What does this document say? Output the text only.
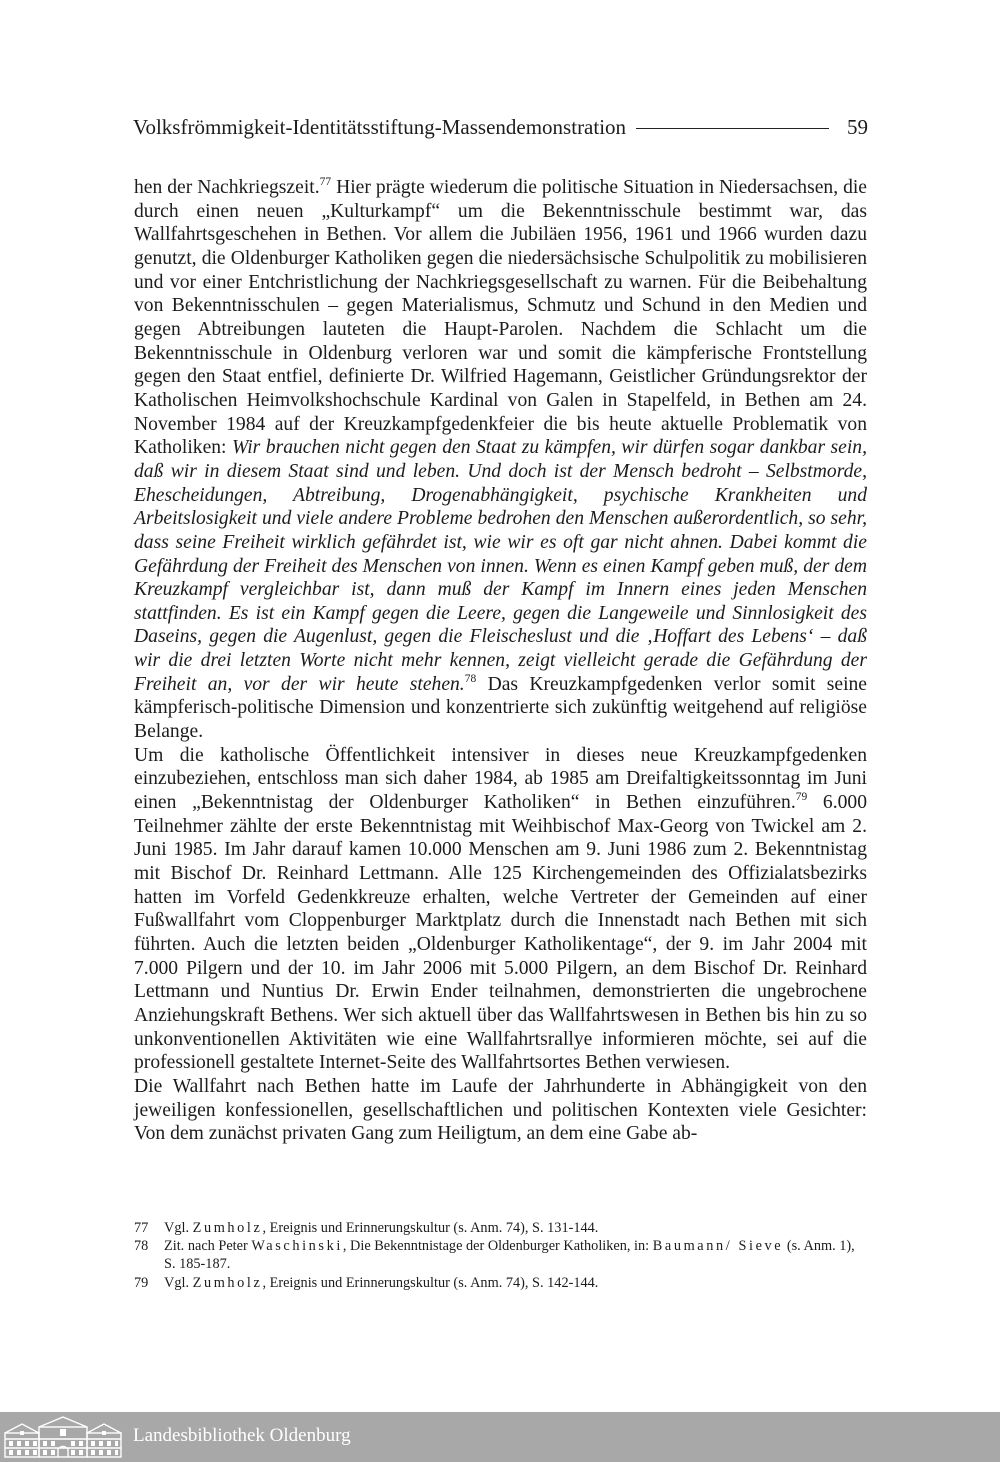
Volksfrömmigkeit-Identitätsstiftung-Massendemonstration	59

hen der Nachkriegszeit.$^{77}$ Hier prägte wiederum die politische Situation in Niedersachsen, die durch einen neuen „Kulturkampf“ um die Bekenntnisschule bestimmt war, das Wallfahrtsgeschehen in Bethen. Vor allem die Jubiläen 1956, 1961 und 1966 wurden dazu genutzt, die Oldenburger Katholiken gegen die niedersächsische Schulpolitik zu mobilisieren und vor einer Entchristlichung der Nachkriegsgesellschaft zu warnen. Für die Beibehaltung von Bekenntnisschulen – gegen Materialismus, Schmutz und Schund in den Medien und gegen Abtreibungen lauteten die Haupt-Parolen. Nachdem die Schlacht um die Bekenntnisschule in Oldenburg verloren war und somit die kämpferische Frontstellung gegen den Staat entfiel, definierte Dr. Wilfried Hagemann, Geistlicher Gründungsrektor der Katholischen Heimvolkshochschule Kardinal von Galen in Stapelfeld, in Bethen am 24. November 1984 auf der Kreuzkampfgedenkfeier die bis heute aktuelle Problematik von Katholiken: Wir brauchen nicht gegen den Staat zu kämpfen, wir dürfen sogar dankbar sein, daß wir in diesem Staat sind und leben. Und doch ist der Mensch bedroht – Selbstmorde, Ehescheidungen, Abtreibung, Drogenabhängigkeit, psychische Krankheiten und Arbeitslosigkeit und viele andere Probleme bedrohen den Menschen außerordentlich, so sehr, dass seine Freiheit wirklich gefährdet ist, wie wir es oft gar nicht ahnen. Dabei kommt die Gefährdung der Freiheit des Menschen von innen. Wenn es einen Kampf geben muß, der dem Kreuzkampf vergleichbar ist, dann muß der Kampf im Innern eines jeden Menschen stattfinden. Es ist ein Kampf gegen die Leere, gegen die Langeweile und Sinnlosigkeit des Daseins, gegen die Augenlust, gegen die Fleischeslust und die ‚Hoffart des Lebens‘ – daß wir die drei letzten Worte nicht mehr kennen, zeigt vielleicht gerade die Gefährdung der Freiheit an, vor der wir heute stehen.$^{78}$ Das Kreuzkampfgedenken verlor somit seine kämpferisch-politische Dimension und konzentrierte sich zukünftig weitgehend auf religiöse Belange.

Um die katholische Öffentlichkeit intensiver in dieses neue Kreuzkampfgedenken einzubeziehen, entschloss man sich daher 1984, ab 1985 am Dreifaltigkeitssonntag im Juni einen „Bekenntnistag der Oldenburger Katholiken“ in Bethen einzuführen.$^{79}$ 6.000 Teilnehmer zählte der erste Bekenntnistag mit Weihbischof Max-Georg von Twickel am 2. Juni 1985. Im Jahr darauf kamen 10.000 Menschen am 9. Juni 1986 zum 2. Bekenntnistag mit Bischof Dr. Reinhard Lettmann. Alle 125 Kirchengemeinden des Offizialatsbezirks hatten im Vorfeld Gedenkkreuze erhalten, welche Vertreter der Gemeinden auf einer Fußwallfahrt vom Cloppenburger Marktplatz durch die Innenstadt nach Bethen mit sich führten. Auch die letzten beiden „Oldenburger Katholikentage“, der 9. im Jahr 2004 mit 7.000 Pilgern und der 10. im Jahr 2006 mit 5.000 Pilgern, an dem Bischof Dr. Reinhard Lettmann und Nuntius Dr. Erwin Ender teilnahmen, demonstrierten die ungebrochene Anziehungskraft Bethens. Wer sich aktuell über das Wallfahrtswesen in Bethen bis hin zu so unkonventionellen Aktivitäten wie eine Wallfahrtsrallye informieren möchte, sei auf die professionell gestaltete Internet-Seite des Wallfahrtsortes Bethen verwiesen.

Die Wallfahrt nach Bethen hatte im Laufe der Jahrhunderte in Abhängigkeit von den jeweiligen konfessionellen, gesellschaftlichen und politischen Kontexten viele Gesichter: Von dem zunächst privaten Gang zum Heiligtum, an dem eine Gabe ab-

77	Vgl. Zumholz, Ereignis und Erinnerungskultur (s. Anm. 74), S. 131-144.
78	Zit. nach Peter Waschinski, Die Bekenntnistage der Oldenburger Katholiken, in: Baumann/ Sieve (s. Anm. 1), S. 185-187.
79	Vgl. Zumholz, Ereignis und Erinnerungskultur (s. Anm. 74), S. 142-144.
Landesbibliothek Oldenburg
